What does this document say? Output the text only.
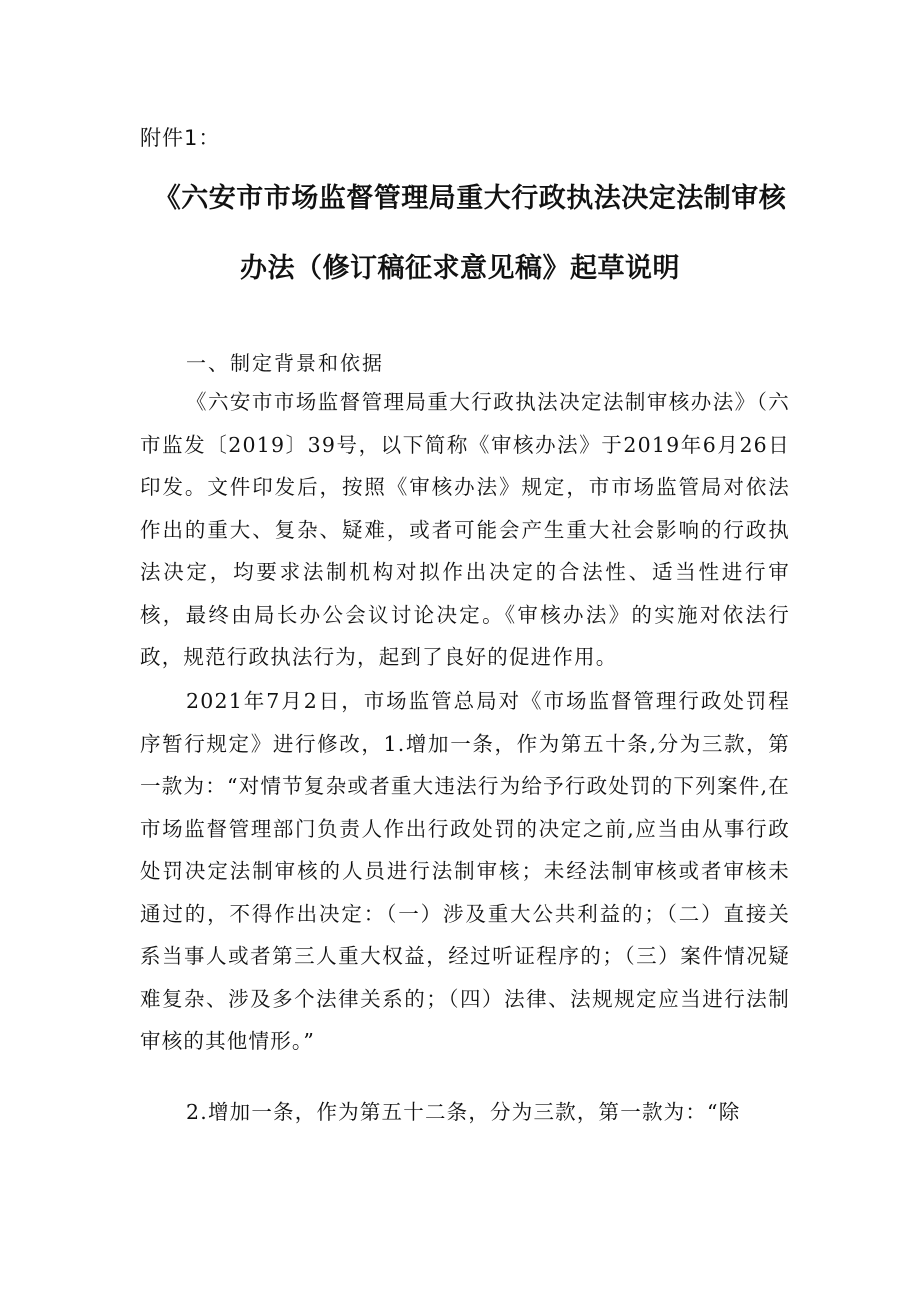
附件1：
《六安市市场监督管理局重大行政执法决定法制审核
办法（修订稿征求意见稿》起草说明
一、制定背景和依据
《六安市市场监督管理局重大行政执法决定法制审核办法》（六市监发〔2019〕39号，以下简称《审核办法》于2019年6月26日印发。文件印发后，按照《审核办法》规定，市市场监管局对依法作出的重大、复杂、疑难，或者可能会产生重大社会影响的行政执法决定，均要求法制机构对拟作出决定的合法性、适当性进行审核，最终由局长办公会议讨论决定。《审核办法》的实施对依法行政，规范行政执法行为，起到了良好的促进作用。
2021年7月2日，市场监管总局对《市场监督管理行政处罚程序暂行规定》进行修改，1.增加一条，作为第五十条,分为三款，第一款为：“对情节复杂或者重大违法行为给予行政处罚的下列案件,在市场监督管理部门负责人作出行政处罚的决定之前,应当由从事行政处罚决定法制审核的人员进行法制审核；未经法制审核或者审核未通过的，不得作出决定：（一）涉及重大公共利益的；（二）直接关系当事人或者第三人重大权益，经过听证程序的；（三）案件情况疑难复杂、涉及多个法律关系的；（四）法律、法规规定应当进行法制审核的其他情形。”
2.增加一条，作为第五十二条，分为三款，第一款为：“除
